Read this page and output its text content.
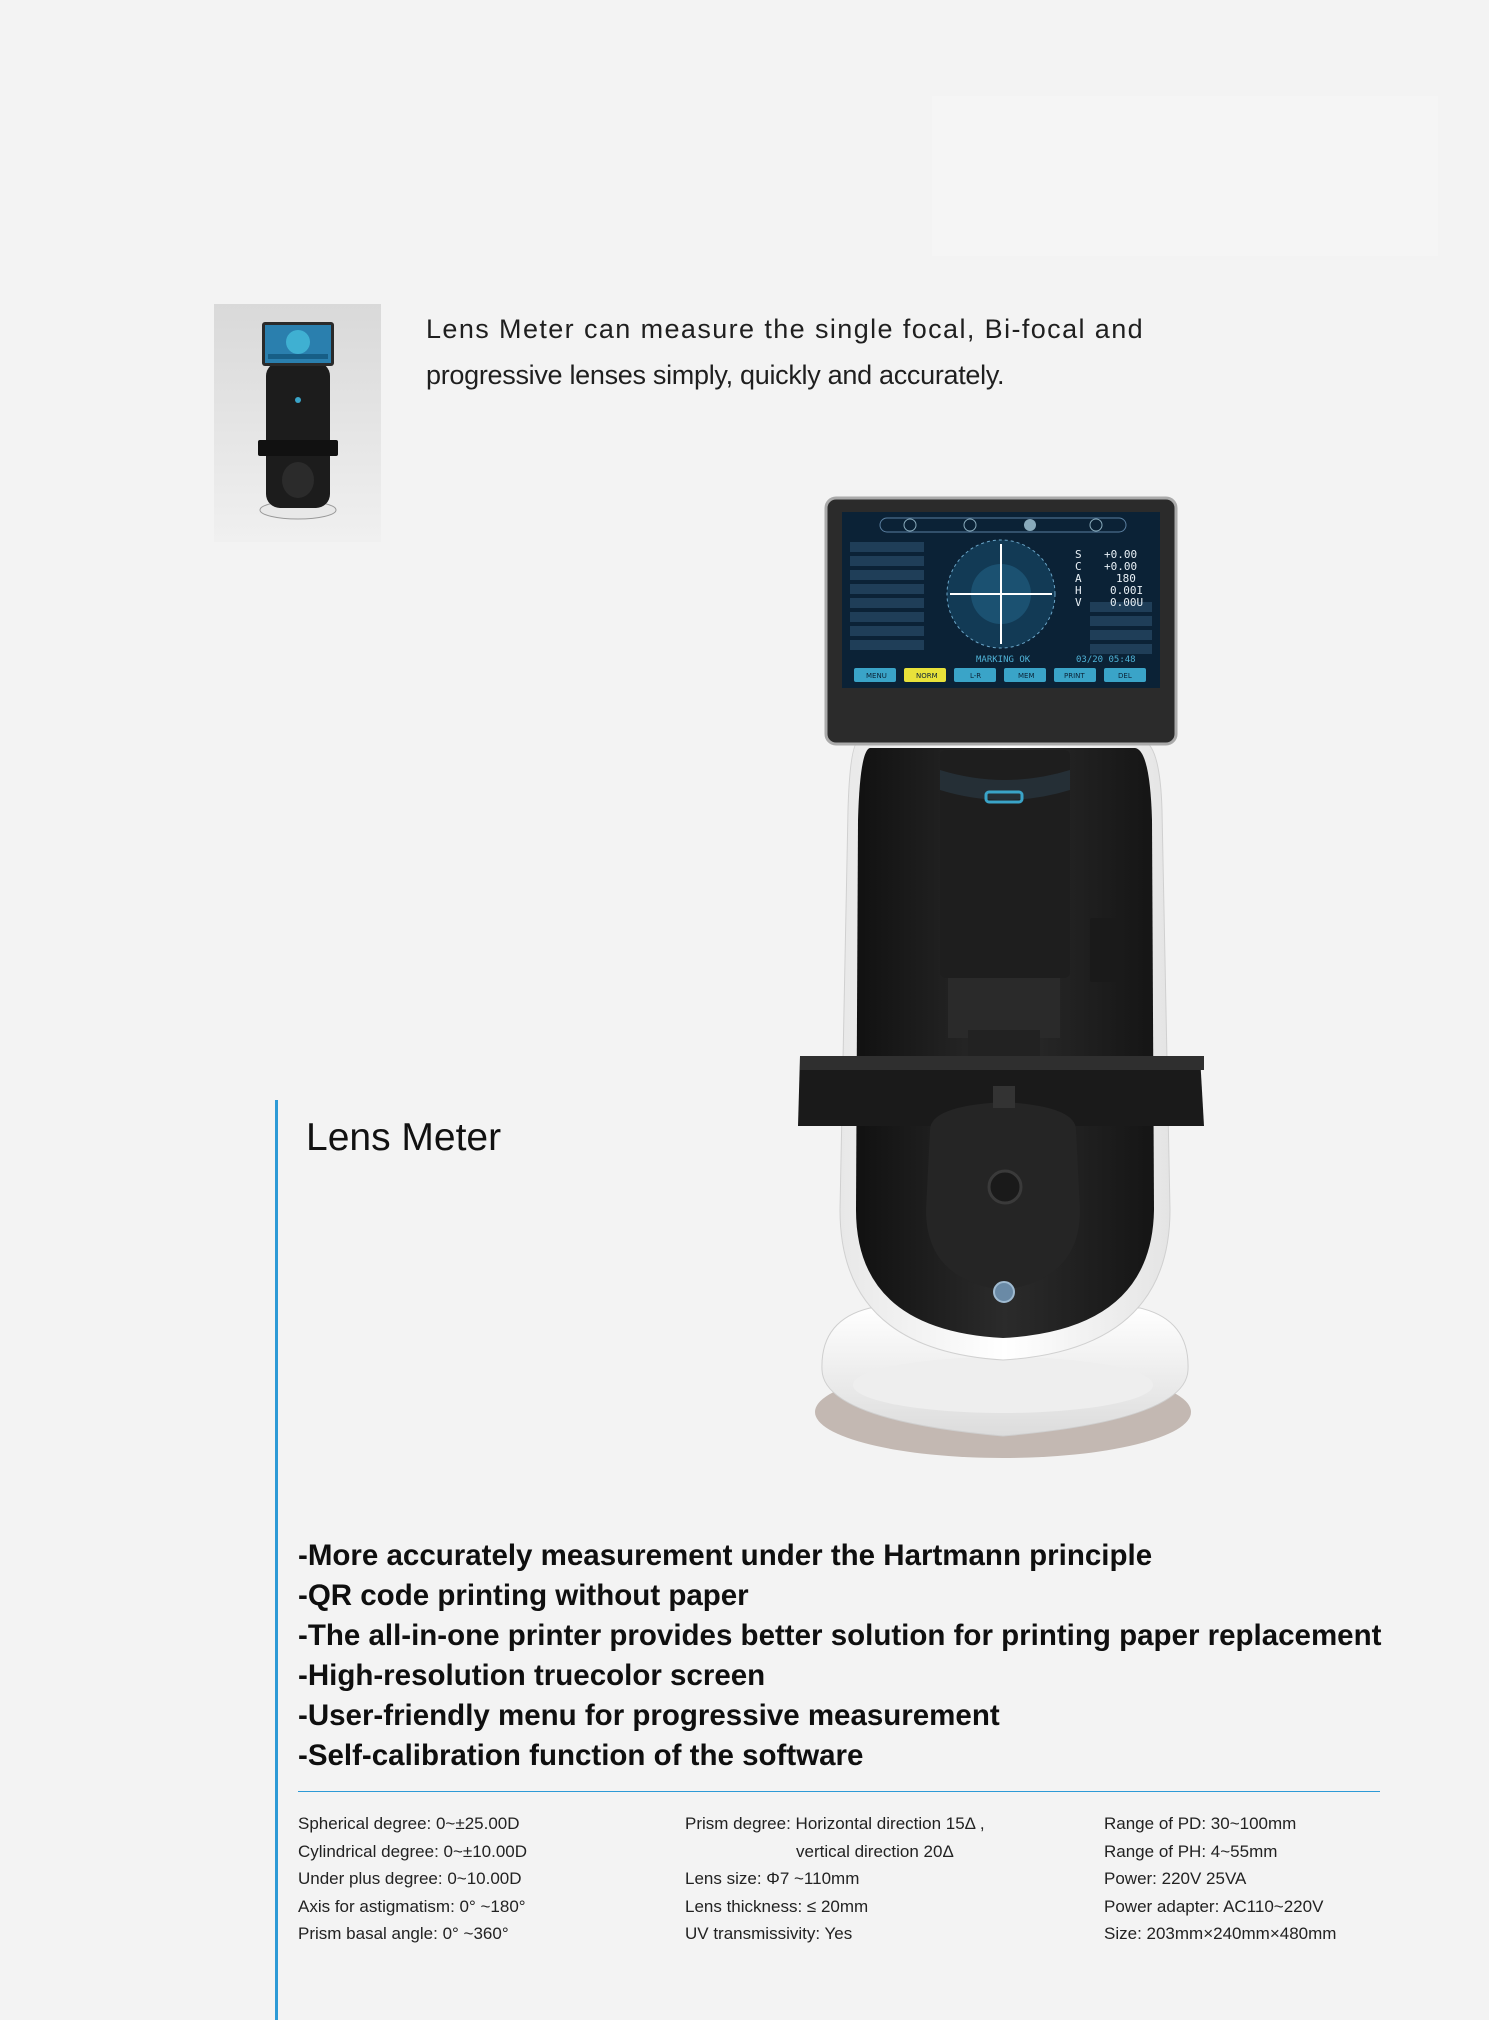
Lens Meter can measure the single focal, Bi-focal and
progressive lenses simply, quickly and accurately.
S +0.00
C +0.00
A	180
H	0.00I
V	0.00U
MARKING OK	03/20 05:48
MENU	NORM	L-R	MEM	PRINT	DEL
Lens Meter
-More accurately measurement under the Hartmann principle
-QR code printing without paper
-The all-in-one printer provides better solution for printing paper replacement
-High-resolution truecolor screen
-User-friendly menu for progressive measurement
-Self-calibration function of the software
Spherical degree: 0~±25.00D
Cylindrical degree: 0~±10.00D
Under plus degree: 0~10.00D
Axis for astigmatism: 0° ~180°
Prism basal angle: 0° ~360°
Prism degree: Horizontal direction 15Δ ,
vertical direction 20Δ
Lens size: Φ7 ~110mm
Lens thickness: ≤ 20mm
UV transmissivity: Yes
Range of PD: 30~100mm
Range of PH: 4~55mm
Power: 220V 25VA
Power adapter: AC110~220V
Size: 203mm×240mm×480mm
